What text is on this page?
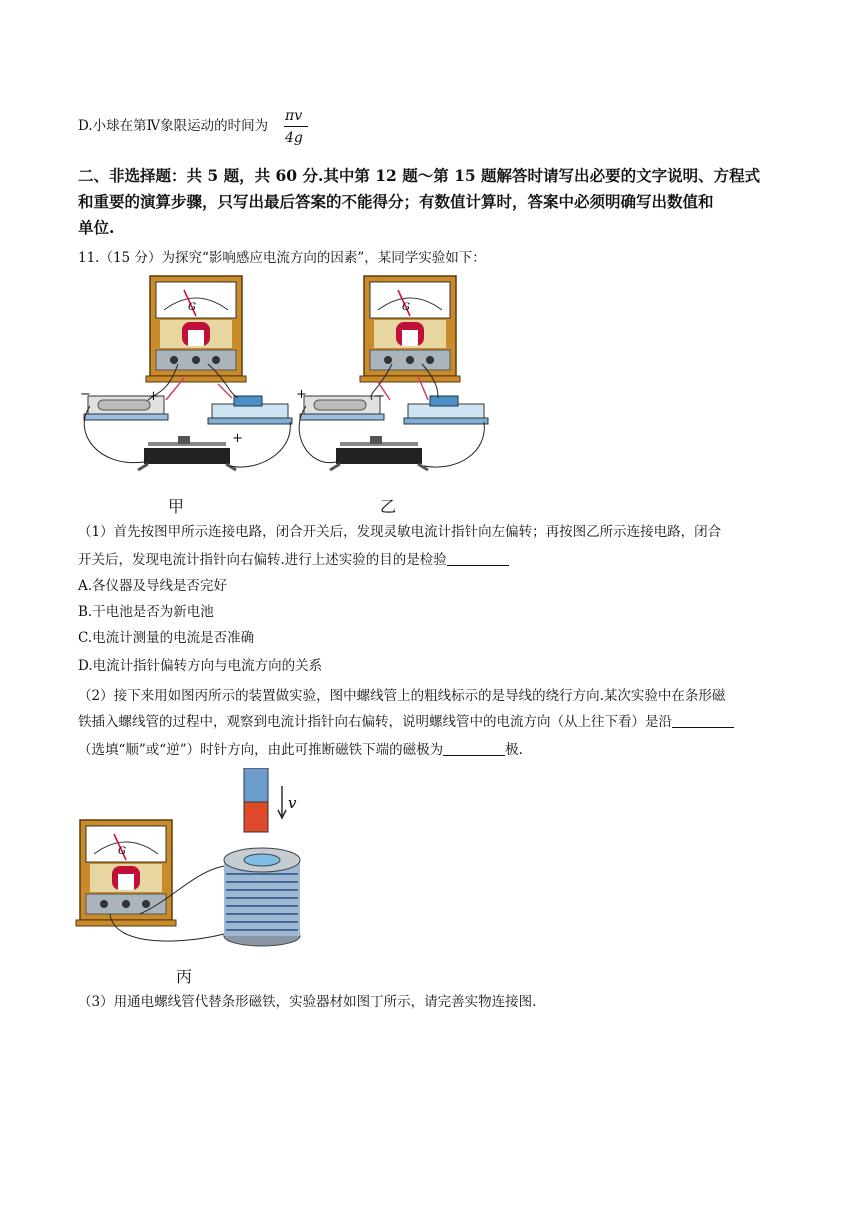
D.小球在第Ⅳ象限运动的时间为
πv
4g
二、非选择题：共 5 题，共 60 分.其中第 12 题～第 15 题解答时请写出必要的文字说明、方程式
和重要的演算步骤，只写出最后答案的不能得分；有数值计算时，答案中必须明确写出数值和
单位.
11.（15 分）为探究“影响感应电流方向的因素”，某同学实验如下：
−	+
+
+	−
G	G
甲	乙
（1）首先按图甲所示连接电路，闭合开关后，发现灵敏电流计指针向左偏转；再按图乙所示连接电路，闭合
开关后，发现电流计指针向右偏转.进行上述实验的目的是检验
A.各仪器及导线是否完好
B.干电池是否为新电池
C.电流计测量的电流是否准确
D.电流计指针偏转方向与电流方向的关系
（2）接下来用如图丙所示的装置做实验，图中螺线管上的粗线标示的是导线的绕行方向.某次实验中在条形磁
铁插入螺线管的过程中，观察到电流计指针向右偏转，说明螺线管中的电流方向（从上往下看）是沿
（选填“顺”或“逆”）时针方向，由此可推断磁铁下端的磁极为	极.
G
v
丙
（3）用通电螺线管代替条形磁铁，实验器材如图丁所示，请完善实物连接图.
